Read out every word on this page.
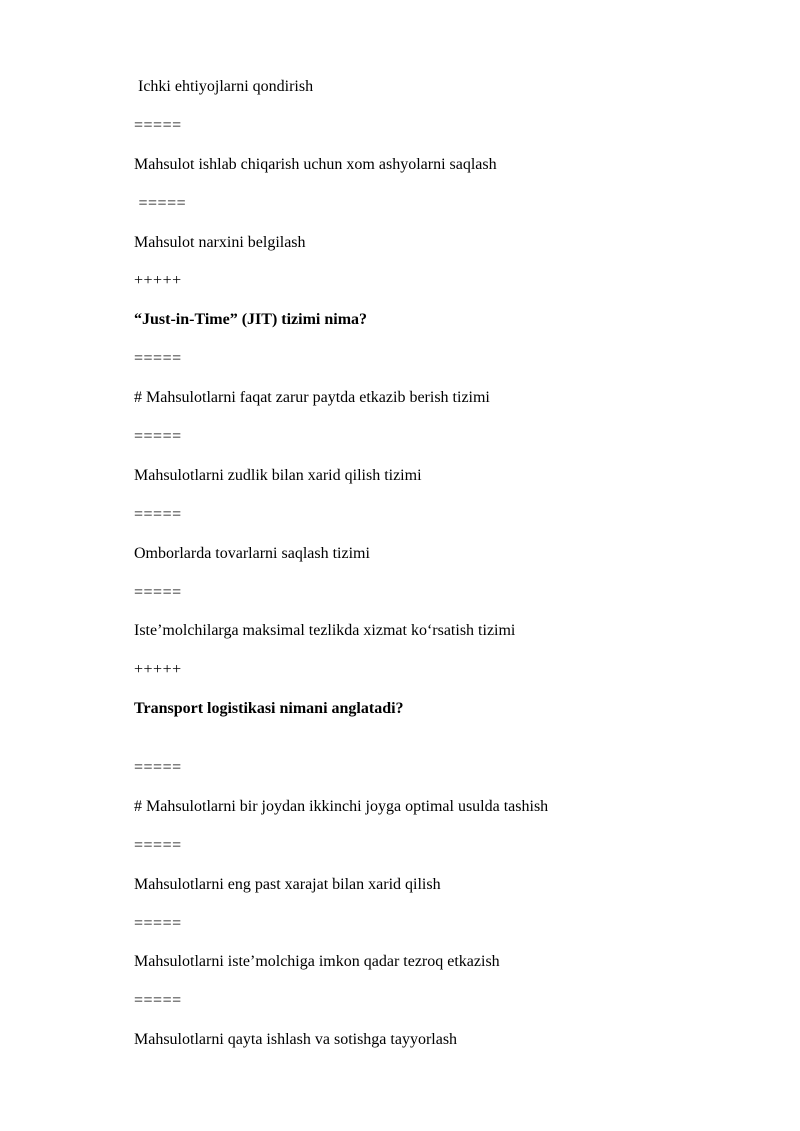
Ichki ehtiyojlarni qondirish
=====
Mahsulot ishlab chiqarish uchun xom ashyolarni saqlash
=====
Mahsulot narxini belgilash
+++++
“Just-in-Time” (JIT) tizimi nima?
=====
# Mahsulotlarni faqat zarur paytda etkazib berish tizimi
=====
Mahsulotlarni zudlik bilan xarid qilish tizimi
=====
Omborlarda tovarlarni saqlash tizimi
=====
Iste’molchilarga maksimal tezlikda xizmat ko‘rsatish tizimi
+++++
Transport logistikasi nimani anglatadi?
=====
# Mahsulotlarni bir joydan ikkinchi joyga optimal usulda tashish
=====
Mahsulotlarni eng past xarajat bilan xarid qilish
=====
Mahsulotlarni iste’molchiga imkon qadar tezroq etkazish
=====
Mahsulotlarni qayta ishlash va sotishga tayyorlash
